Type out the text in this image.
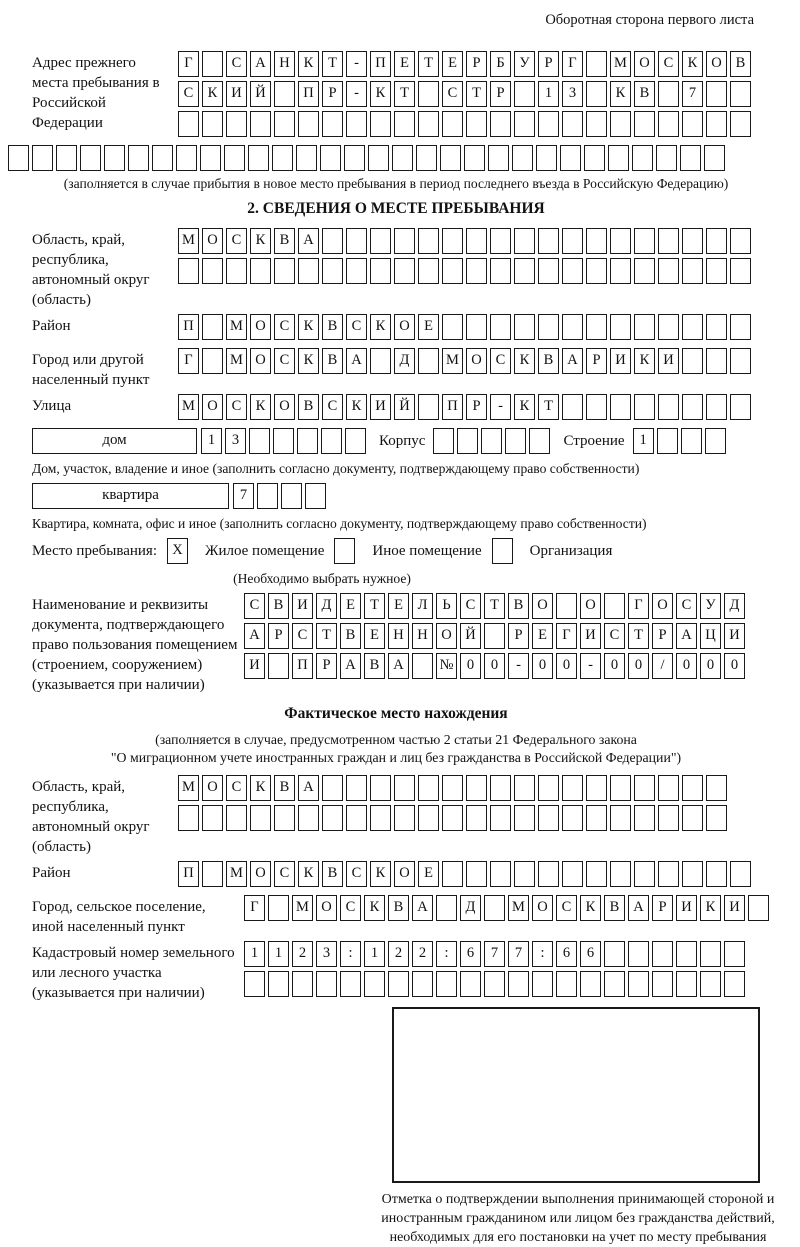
Оборотная сторона первого листа
Адрес прежнего места пребывания в Российской Федерации
Г	С А Н К Т - П Е Т Е Р Б У Р Г	М О С К О В
С К И Й	П Р - К Т	С Т Р	1 3	К В	7
(заполняется в случае прибытия в новое место пребывания в период последнего въезда в Российскую Федерацию)
2. СВЕДЕНИЯ О МЕСТЕ ПРЕБЫВАНИЯ
Область, край, республика, автономный округ (область)
М О С К В А
Район	П	М О С К В С К О Е
Город или другой населенный пункт
Г	М О С К В А	Д	М О С К В А Р И К И
Улица	М О С К О В С К И Й	П Р - К Т
дом	1 3	Корпус	Строение	1
Дом, участок, владение и иное (заполнить согласно документу, подтверждающему право собственности)
квартира	7
Квартира, комната, офис и иное (заполнить согласно документу, подтверждающему право собственности)
Место пребывания:	X	Жилое помещение	Иное помещение	Организация
(Необходимо выбрать нужное)
Наименование и реквизиты документа, подтверждающего право пользования помещением (строением, сооружением) (указывается при наличии)
С В И Д Е Т Е Л Ь С Т В О	О	Г О С У Д
А Р С Т В Е Н Н О Й	Р Е Г И С Т Р А Ц И
И	П Р А В А № 0 0 - 0 0 - 0 0 / 0 0 0
Фактическое место нахождения
(заполняется в случае, предусмотренном частью 2 статьи 21 Федерального закона
"О миграционном учете иностранных граждан и лиц без гражданства в Российской Федерации")
Область, край, республика, автономный округ (область)
М О С К В А
Район	П	М О С К В С К О Е
Город, сельское поселение, иной населенный пункт
Г	М О С К В А	Д	М О С К В А Р И К И
Кадастровый номер земельного или лесного участка (указывается при наличии)
1 1 2 3 : 1 2 2 : 6 7 7 : 6 6
Отметка о подтверждении выполнения принимающей стороной и иностранным гражданином или лицом без гражданства действий, необходимых для его постановки на учет по месту пребывания
